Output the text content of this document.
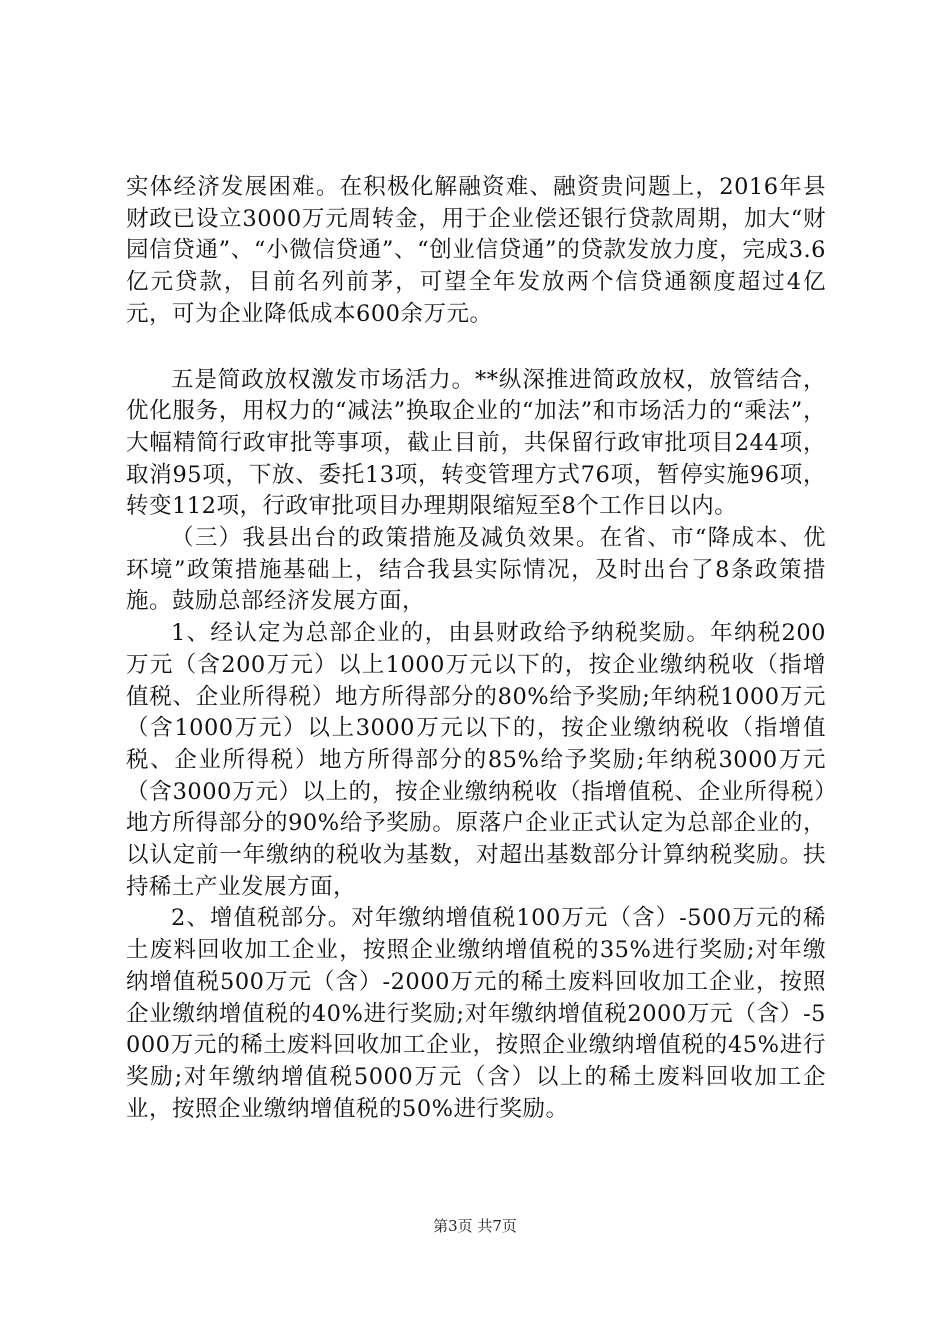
实体经济发展困难。在积极化解融资难、融资贵问题上，2016年县财政已设立3000万元周转金，用于企业偿还银行贷款周期，加大“财园信贷通”、“小微信贷通”、“创业信贷通”的贷款发放力度，完成3.6亿元贷款，目前名列前茅，可望全年发放两个信贷通额度超过4亿元，可为企业降低成本600余万元。

五是简政放权激发市场活力。**纵深推进简政放权，放管结合，优化服务，用权力的“减法”换取企业的“加法”和市场活力的“乘法”，大幅精简行政审批等事项，截止目前，共保留行政审批项目244项，取消95项，下放、委托13项，转变管理方式76项，暂停实施96项，转变112项，行政审批项目办理期限缩短至8个工作日以内。

（三）我县出台的政策措施及减负效果。在省、市“降成本、优环境”政策措施基础上，结合我县实际情况，及时出台了8条政策措施。鼓励总部经济发展方面，

1、经认定为总部企业的，由县财政给予纳税奖励。年纳税200万元（含200万元）以上1000万元以下的，按企业缴纳税收（指增值税、企业所得税）地方所得部分的80%给予奖励;年纳税1000万元（含1000万元）以上3000万元以下的，按企业缴纳税收（指增值税、企业所得税）地方所得部分的85%给予奖励;年纳税3000万元（含3000万元）以上的，按企业缴纳税收（指增值税、企业所得税）地方所得部分的90%给予奖励。原落户企业正式认定为总部企业的，以认定前一年缴纳的税收为基数，对超出基数部分计算纳税奖励。扶持稀土产业发展方面，

2、增值税部分。对年缴纳增值税100万元（含）-500万元的稀土废料回收加工企业，按照企业缴纳增值税的35%进行奖励;对年缴纳增值税500万元（含）-2000万元的稀土废料回收加工企业，按照企业缴纳增值税的40%进行奖励;对年缴纳增值税2000万元（含）-5000万元的稀土废料回收加工企业，按照企业缴纳增值税的45%进行奖励;对年缴纳增值税5000万元（含）以上的稀土废料回收加工企业，按照企业缴纳增值税的50%进行奖励。

第3页 共7页
